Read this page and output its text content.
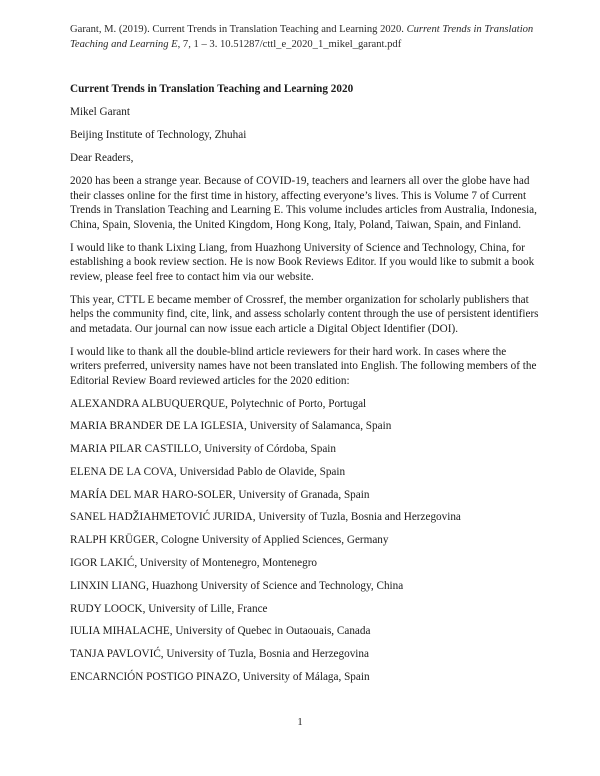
Garant, M. (2019). Current Trends in Translation Teaching and Learning 2020. Current Trends in Translation Teaching and Learning E, 7, 1 – 3. 10.51287/cttl_e_2020_1_mikel_garant.pdf
Current Trends in Translation Teaching and Learning 2020
Mikel Garant
Beijing Institute of Technology, Zhuhai
Dear Readers,
2020 has been a strange year. Because of COVID-19, teachers and learners all over the globe have had their classes online for the first time in history, affecting everyone’s lives. This is Volume 7 of Current Trends in Translation Teaching and Learning E. This volume includes articles from Australia, Indonesia, China, Spain, Slovenia, the United Kingdom, Hong Kong, Italy, Poland, Taiwan, Spain, and Finland.
I would like to thank Lixing Liang, from Huazhong University of Science and Technology, China, for establishing a book review section. He is now Book Reviews Editor. If you would like to submit a book review, please feel free to contact him via our website.
This year, CTTL E became member of Crossref, the member organization for scholarly publishers that helps the community find, cite, link, and assess scholarly content through the use of persistent identifiers and metadata. Our journal can now issue each article a Digital Object Identifier (DOI).
I would like to thank all the double-blind article reviewers for their hard work. In cases where the writers preferred, university names have not been translated into English. The following members of the Editorial Review Board reviewed articles for the 2020 edition:
ALEXANDRA ALBUQUERQUE, Polytechnic of Porto, Portugal
MARIA BRANDER DE LA IGLESIA, University of Salamanca, Spain
MARIA PILAR CASTILLO, University of Córdoba, Spain
ELENA DE LA COVA, Universidad Pablo de Olavide, Spain
MARÍA DEL MAR HARO-SOLER, University of Granada, Spain
SANEL HADŽIAHMETOVIĆ JURIDA, University of Tuzla, Bosnia and Herzegovina
RALPH KRÜGER, Cologne University of Applied Sciences, Germany
IGOR LAKIĆ, University of Montenegro, Montenegro
LINXIN LIANG, Huazhong University of Science and Technology, China
RUDY LOOCK, University of Lille, France
IULIA MIHALACHE, University of Quebec in Outaouais, Canada
TANJA PAVLOVIĆ, University of Tuzla, Bosnia and Herzegovina
ENCARNCIÓN POSTIGO PINAZO, University of Málaga, Spain
1
